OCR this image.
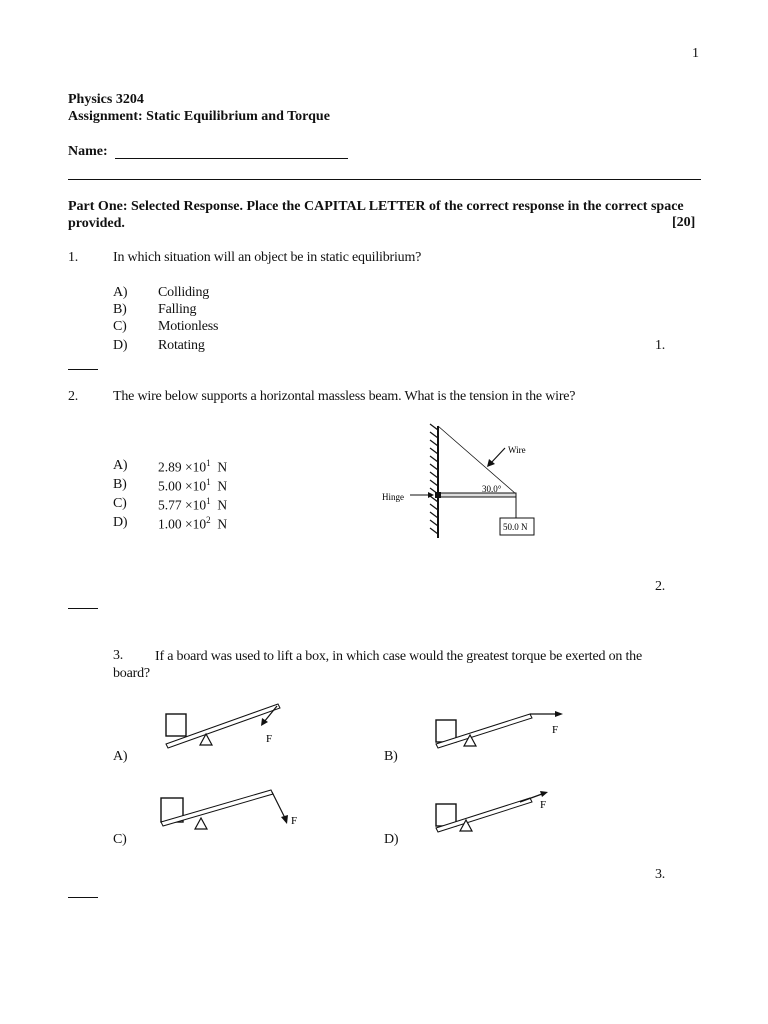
1
Physics 3204
Assignment: Static Equilibrium and Torque
Name:
Part One: Selected Response. Place the CAPITAL LETTER of the correct response in the correct space provided.	[20]
1. In which situation will an object be in static equilibrium?
A) Colliding
B) Falling
C) Motionless
D) Rotating	1.
2. The wire below supports a horizontal massless beam. What is the tension in the wire?
A) $2.89 \times 10^1$ N
B) $5.00 \times 10^1$ N
C) $5.77 \times 10^1$ N
D) $1.00 \times 10^2$ N
Wire
Hinge
30.0°
50.0 N
2.
3.	If a board was used to lift a box, in which case would the greatest torque be exerted on the board?
F
A)
F
B)
F
C)
F
D)
3.
